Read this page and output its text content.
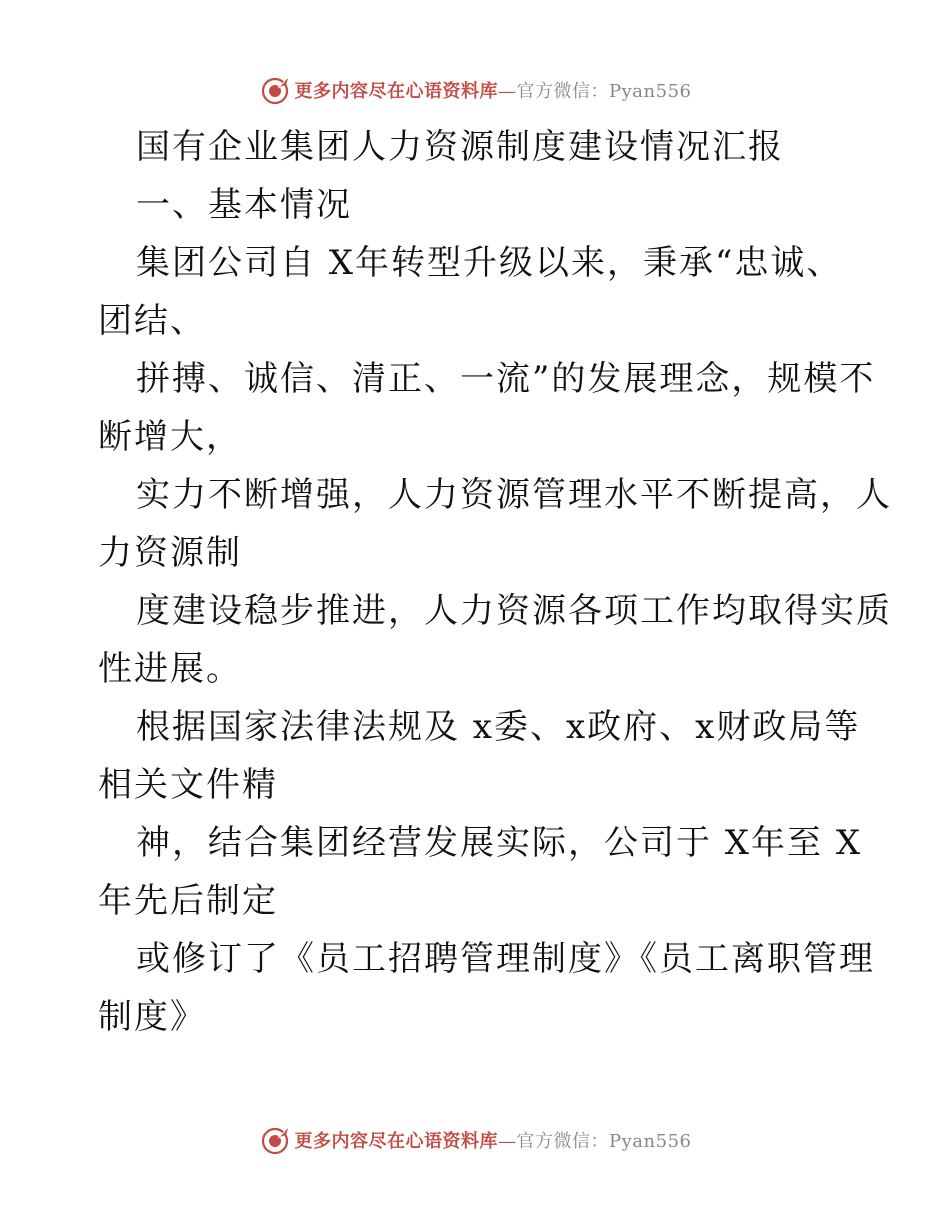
更多内容尽在心语资料库—官方微信：Pyan556
国有企业集团人力资源制度建设情况汇报
一、基本情况
集团公司自 X年转型升级以来，秉承“忠诚、
团结、
拼搏、诚信、清正、一流”的发展理念，规模不
断增大，
实力不断增强，人力资源管理水平不断提高，人
力资源制
度建设稳步推进，人力资源各项工作均取得实质
性进展。
根据国家法律法规及 x委、x政府、x财政局等
相关文件精
神，结合集团经营发展实际，公司于 X年至 X
年先后制定
或修订了《员工招聘管理制度》《员工离职管理
制度》
更多内容尽在心语资料库—官方微信：Pyan556
